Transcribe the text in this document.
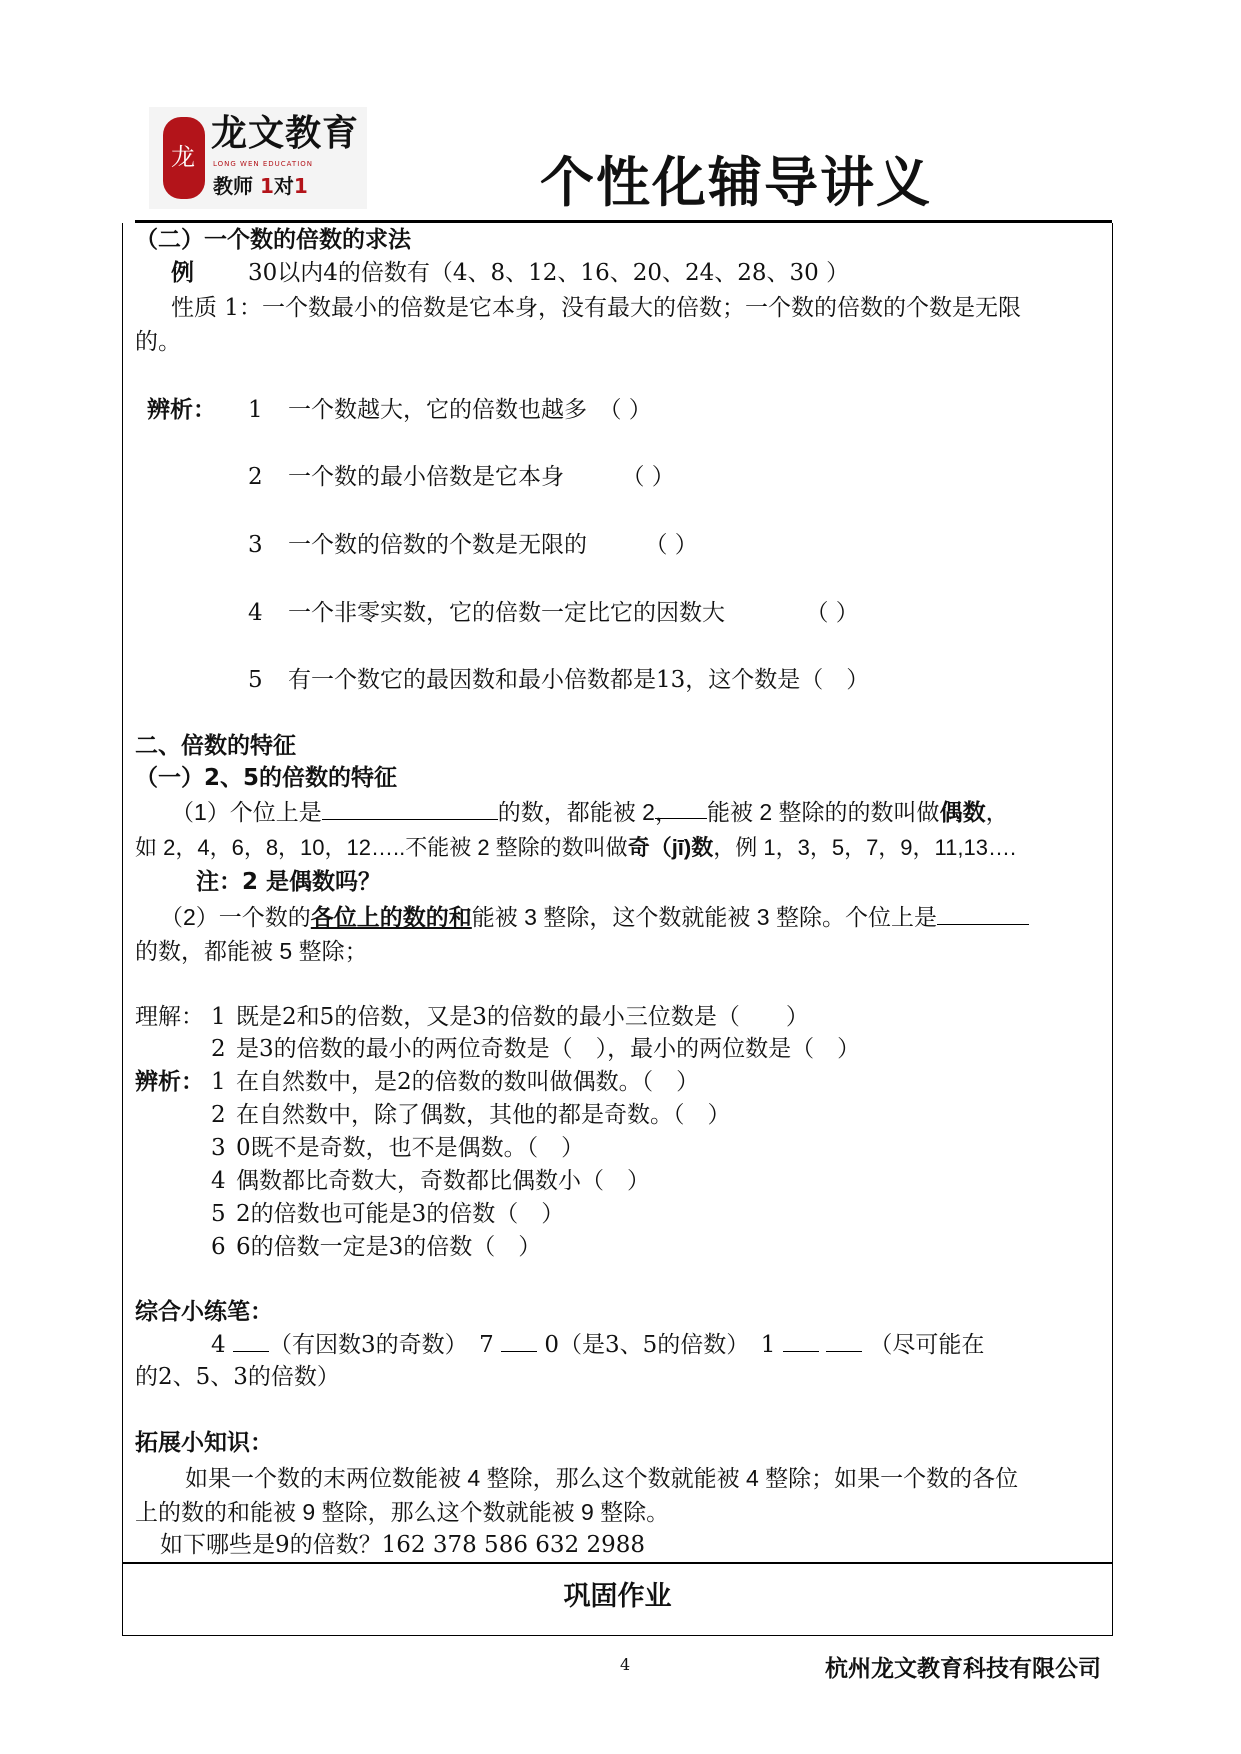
龙
龙文教育
LONG WEN EDUCATION
教师 1对1	个性化辅导讲义
（二）一个数的倍数的求法
例 30以内4的倍数有（4、8、12、16、20、24、28、30 ）
性质 1：一个数最小的倍数是它本身，没有最大的倍数；一个数的倍数的个数是无限
的。
辨析： 1 一个数越大，它的倍数也越多　（ ）
2 一个数的最小倍数是它本身　　　（ ）
3 一个数的倍数的个数是无限的　　　（ ）
4 一个非零实数，它的倍数一定比它的因数大　　　　（ ）
5 有一个数它的最因数和最小倍数都是13，这个数是（　）
二、倍数的特征
（一）2、5的倍数的特征
（1）个位上是	的数，都能被 2， 能被 2 整除的的数叫做偶数，
如 2，4，6，8，10，12…..不能被 2 整除的数叫做奇（jī)数，例 1，3，5，7，9，11,13….
注：2 是偶数吗？
（2）一个数的各位上的数的和能被 3 整除，这个数就能被 3 整除。个位上是
的数，都能被 5 整除；
理解： 1 既是2和5的倍数，又是3的倍数的最小三位数是（　　）
2 是3的倍数的最小的两位奇数是（　），最小的两位数是（　）
辨析： 1 在自然数中，是2的倍数的数叫做偶数。（　）
2 在自然数中，除了偶数，其他的都是奇数。（　）
3 0既不是奇数，也不是偶数。（　）
4 偶数都比奇数大，奇数都比偶数小（　）
5 2的倍数也可能是3的倍数（　）
6 6的倍数一定是3的倍数（　）
综合小练笔：
4 （有因数3的奇数）　 7 0（是3、5的倍数）　 1	（尽可能在
的2、5、3的倍数）
拓展小知识：
如果一个数的末两位数能被 4 整除，那么这个数就能被 4 整除；如果一个数的各位
上的数的和能被 9 整除，那么这个数就能被 9 整除。
如下哪些是9的倍数？162 378 586 632 2988
巩固作业
4	杭州龙文教育科技有限公司
